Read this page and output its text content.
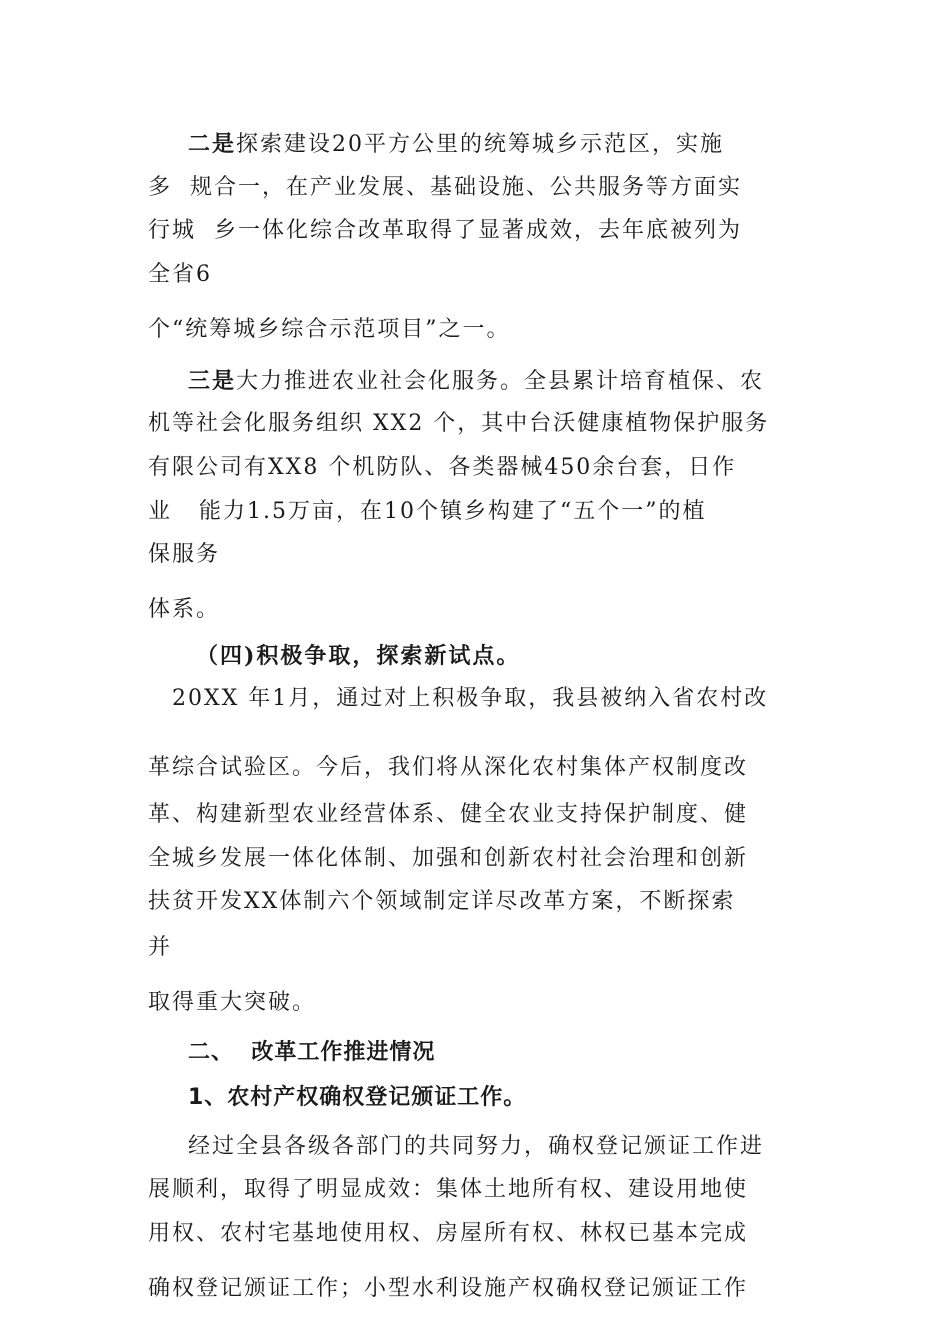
二是探索建设20平方公里的统筹城乡示范区，实施
多  规合一，在产业发展、基础设施、公共服务等方面实
行城  乡一体化综合改革取得了显著成效，去年底被列为
全省6
个“统筹城乡综合示范项目”之一。
三是大力推进农业社会化服务。全县累计培育植保、农
机等社会化服务组织 XX2 个，其中台沃健康植物保护服务
有限公司有XX8 个机防队、各类器械450余台套，日作
业   能力1.5万亩，在10个镇乡构建了“五个一”的植
保服务
体系。
（四)积极争取，探索新试点。
20XX 年1月，通过对上积极争取，我县被纳入省农村改
革综合试验区。今后，我们将从深化农村集体产权制度改
革、构建新型农业经营体系、健全农业支持保护制度、健
全城乡发展一体化体制、加强和创新农村社会治理和创新
扶贫开发XX体制六个领域制定详尽改革方案，不断探索
并
取得重大突破。
二、  改革工作推进情况
1、农村产权确权登记颁证工作。
经过全县各级各部门的共同努力，确权登记颁证工作进
展顺利，取得了明显成效：集体土地所有权、建设用地使
用权、农村宅基地使用权、房屋所有权、林权已基本完成
确权登记颁证工作；小型水利设施产权确权登记颁证工作
